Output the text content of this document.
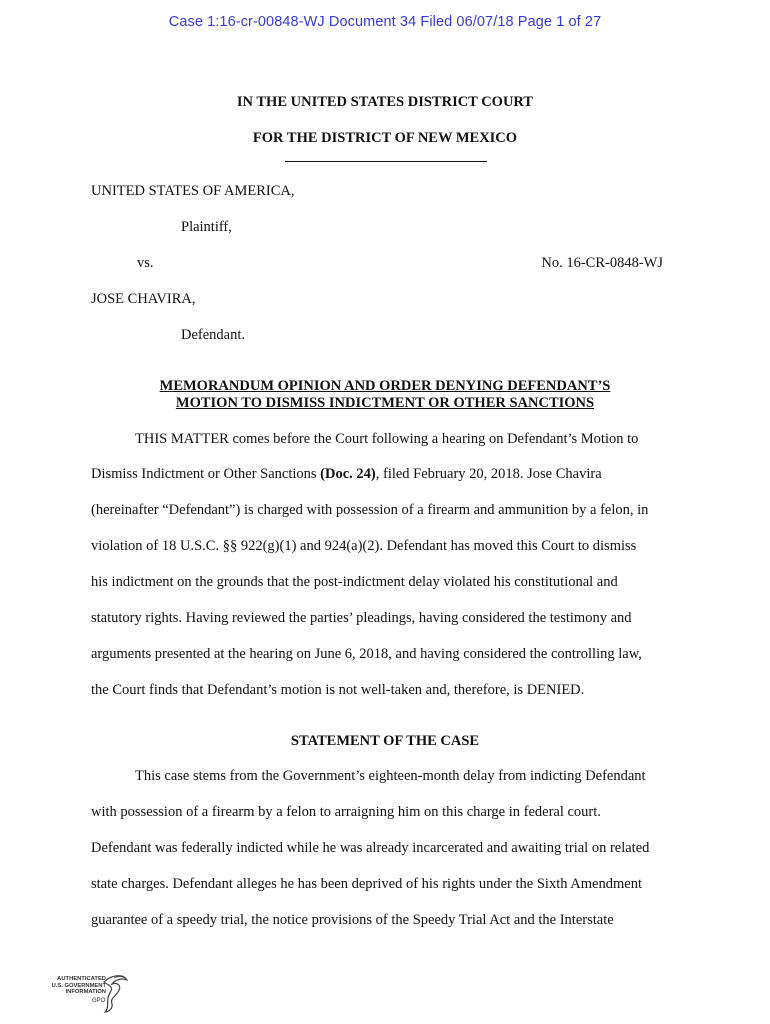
Case 1:16-cr-00848-WJ Document 34 Filed 06/07/18 Page 1 of 27
IN THE UNITED STATES DISTRICT COURT
FOR THE DISTRICT OF NEW MEXICO
UNITED STATES OF AMERICA,
Plaintiff,
vs.	No. 16-CR-0848-WJ
JOSE CHAVIRA,
Defendant.
MEMORANDUM OPINION AND ORDER DENYING DEFENDANT’S
MOTION TO DISMISS INDICTMENT OR OTHER SANCTIONS
THIS MATTER comes before the Court following a hearing on Defendant’s Motion to
Dismiss Indictment or Other Sanctions (Doc. 24), filed February 20, 2018. Jose Chavira
(hereinafter “Defendant”) is charged with possession of a firearm and ammunition by a felon, in
violation of 18 U.S.C. §§ 922(g)(1) and 924(a)(2). Defendant has moved this Court to dismiss
his indictment on the grounds that the post-indictment delay violated his constitutional and
statutory rights. Having reviewed the parties’ pleadings, having considered the testimony and
arguments presented at the hearing on June 6, 2018, and having considered the controlling law,
the Court finds that Defendant’s motion is not well-taken and, therefore, is DENIED.
STATEMENT OF THE CASE
This case stems from the Government’s eighteen-month delay from indicting Defendant
with possession of a firearm by a felon to arraigning him on this charge in federal court.
Defendant was federally indicted while he was already incarcerated and awaiting trial on related
state charges. Defendant alleges he has been deprived of his rights under the Sixth Amendment
guarantee of a speedy trial, the notice provisions of the Speedy Trial Act and the Interstate
AUTHENTICATED
U.S. GOVERNMENT
INFORMATION
GPO
